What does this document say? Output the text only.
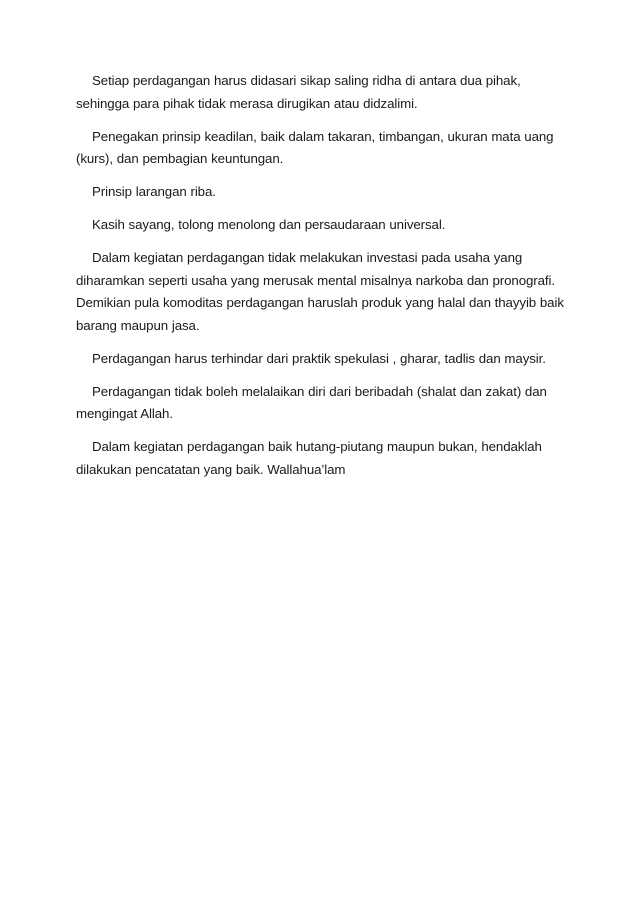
Setiap perdagangan harus didasari sikap saling ridha di antara dua pihak, sehingga para pihak tidak merasa dirugikan atau didzalimi.

Penegakan prinsip keadilan, baik dalam takaran, timbangan, ukuran mata uang (kurs), dan pembagian keuntungan.

Prinsip larangan riba.

Kasih sayang, tolong menolong dan persaudaraan universal.

Dalam kegiatan perdagangan tidak melakukan investasi pada usaha yang diharamkan seperti usaha yang merusak mental misalnya narkoba dan pronografi. Demikian pula komoditas perdagangan haruslah produk yang halal dan thayyib baik barang maupun jasa.

Perdagangan harus terhindar dari praktik spekulasi , gharar, tadlis dan maysir.

Perdagangan tidak boleh melalaikan diri dari beribadah (shalat dan zakat) dan mengingat Allah.

Dalam kegiatan perdagangan baik hutang-piutang maupun bukan, hendaklah dilakukan pencatatan yang baik. Wallahua’lam
